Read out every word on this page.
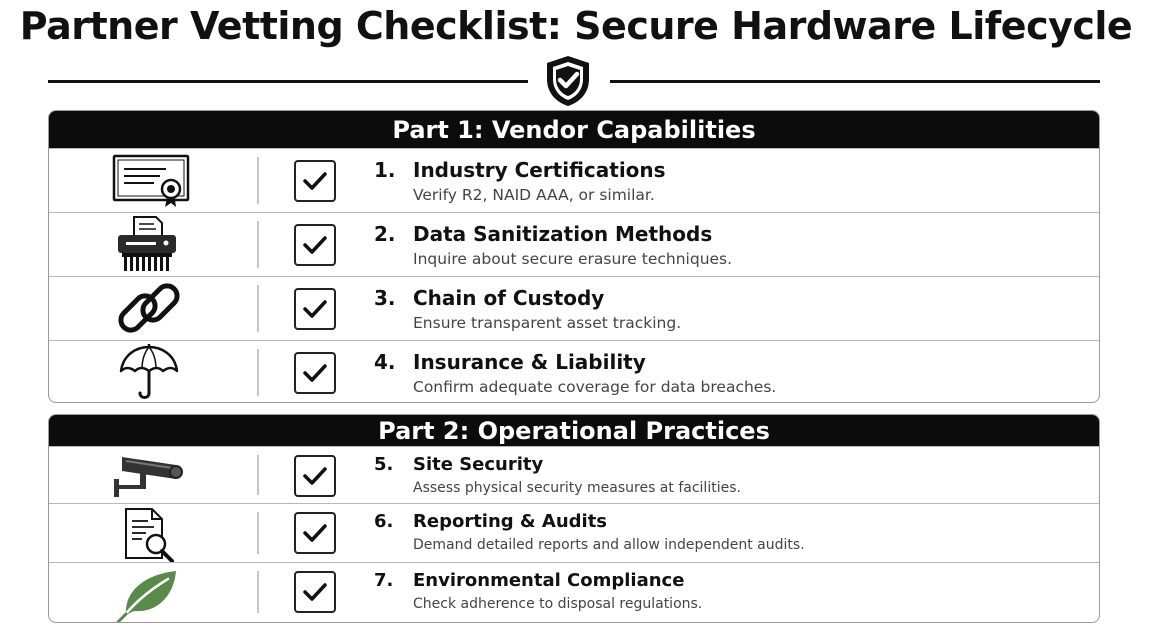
Partner Vetting Checklist: Secure Hardware Lifecycle
Part 1: Vendor Capabilities
1. Industry Certifications
Verify R2, NAID AAA, or similar.
2. Data Sanitization Methods
Inquire about secure erasure techniques.
3. Chain of Custody
Ensure transparent asset tracking.
4. Insurance & Liability
Confirm adequate coverage for data breaches.
Part 2: Operational Practices
5. Site Security
Assess physical security measures at facilities.
6. Reporting & Audits
Demand detailed reports and allow independent audits.
7. Environmental Compliance
Check adherence to disposal regulations.
